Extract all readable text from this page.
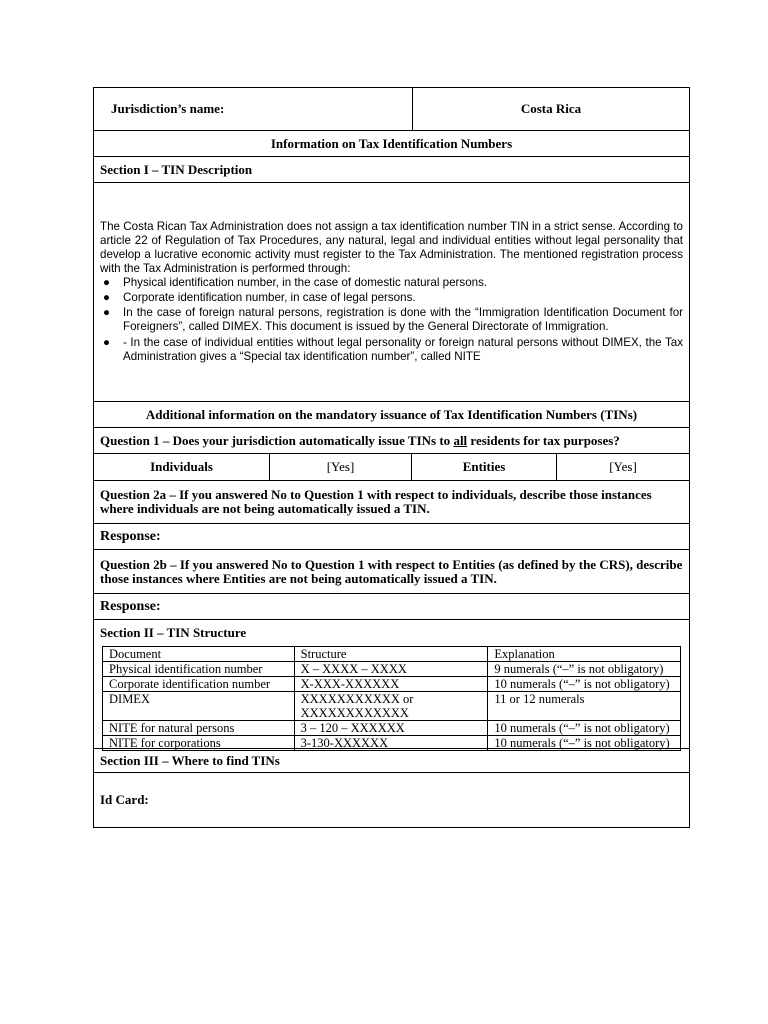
Jurisdiction’s name:	Costa Rica
Information on Tax Identification Numbers
Section I – TIN Description

The Costa Rican Tax Administration does not assign a tax identification number TIN in a strict sense. According to article 22 of Regulation of Tax Procedures, any natural, legal and individual entities without legal personality that develop a lucrative economic activity must register to the Tax Administration. The mentioned registration process with the Tax Administration is performed through:

● Physical identification number, in the case of domestic natural persons.
● Corporate identification number, in case of legal persons.
● In the case of foreign natural persons, registration is done with the “Immigration Identification Document for Foreigners”, called DIMEX. This document is issued by the General Directorate of Immigration.
● - In the case of individual entities without legal personality or foreign natural persons without DIMEX, the Tax Administration gives a “Special tax identification number”, called NITE
Additional information on the mandatory issuance of Tax Identification Numbers (TINs)
Question 1 – Does your jurisdiction automatically issue TINs to all residents for tax purposes?
Individuals	[Yes]	Entities	[Yes]
Question 2a – If you answered No to Question 1 with respect to individuals, describe those instances where individuals are not being automatically issued a TIN.
Response:
Question 2b – If you answered No to Question 1 with respect to Entities (as defined by the CRS), describe those instances where Entities are not being automatically issued a TIN.
Response:
Section II – TIN Structure
Document	Structure	Explanation
Physical identification number	X – XXXX – XXXX	9 numerals (“–” is not obligatory)
Corporate identification number	X-XXX-XXXXXX	10 numerals (“–” is not obligatory)
DIMEX	XXXXXXXXXXX or XXXXXXXXXXXX	11 or 12 numerals
NITE for natural persons	3 – 120 – XXXXXX	10 numerals (“–” is not obligatory)
NITE for corporations	3-130-XXXXXX	10 numerals (“–” is not obligatory)
Section III – Where to find TINs
Id Card:
